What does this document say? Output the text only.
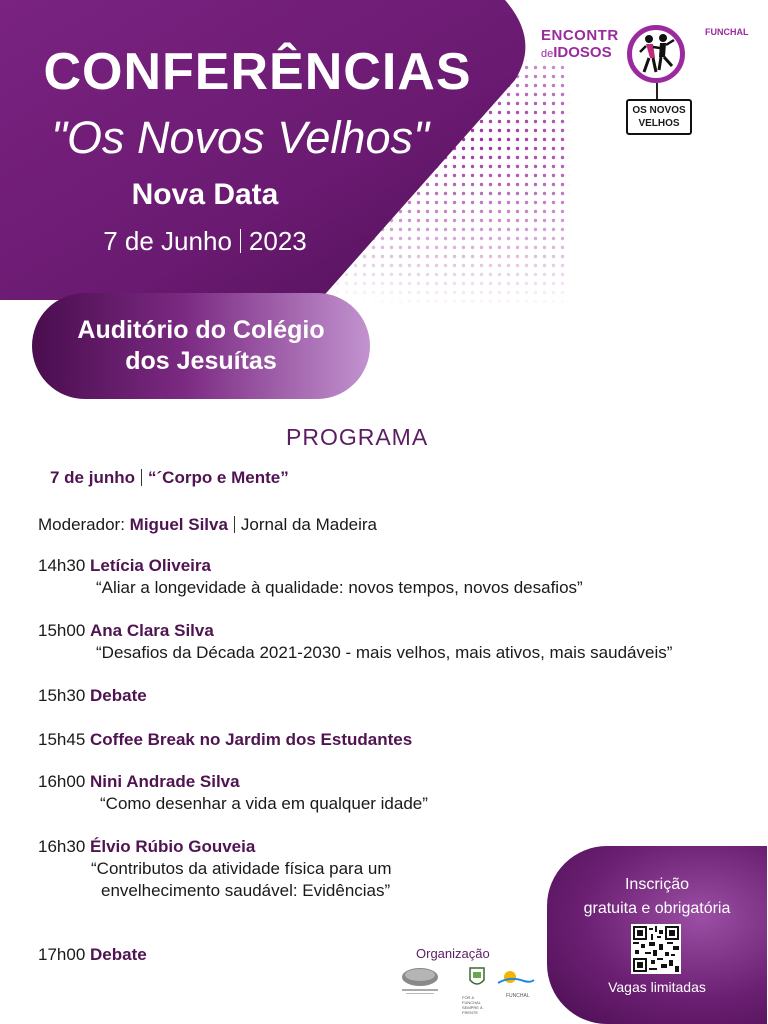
CONFERÊNCIAS
"Os Novos Velhos"
Nova Data
7 de Junho 2023
Auditório do Colégio
dos Jesuítas
ENCONTR
deIDOSOS
FUNCHAL
OS NOVOS
VELHOS
PROGRAMA
7 de junho “´Corpo e Mente”
Moderador: Miguel Silva Jornal da Madeira
14h30 Letícia Oliveira
“Aliar a longevidade à qualidade: novos tempos, novos desafios”
15h00 Ana Clara Silva
“Desafios da Década 2021-2030 - mais velhos, mais ativos, mais saudáveis”
15h30 Debate
15h45 Coffee Break no Jardim dos Estudantes
16h00 Nini Andrade Silva
“Como desenhar a vida em qualquer idade”
16h30 Élvio Rúbio Gouveia
“Contributos da atividade física para um
envelhecimento saudável: Evidências”
17h00 Debate
Inscrição
gratuita e obrigatória
Vagas limitadas
Organização
FÓR & FUNCHAL SEMPRE À FRENTE
FUNCHAL
